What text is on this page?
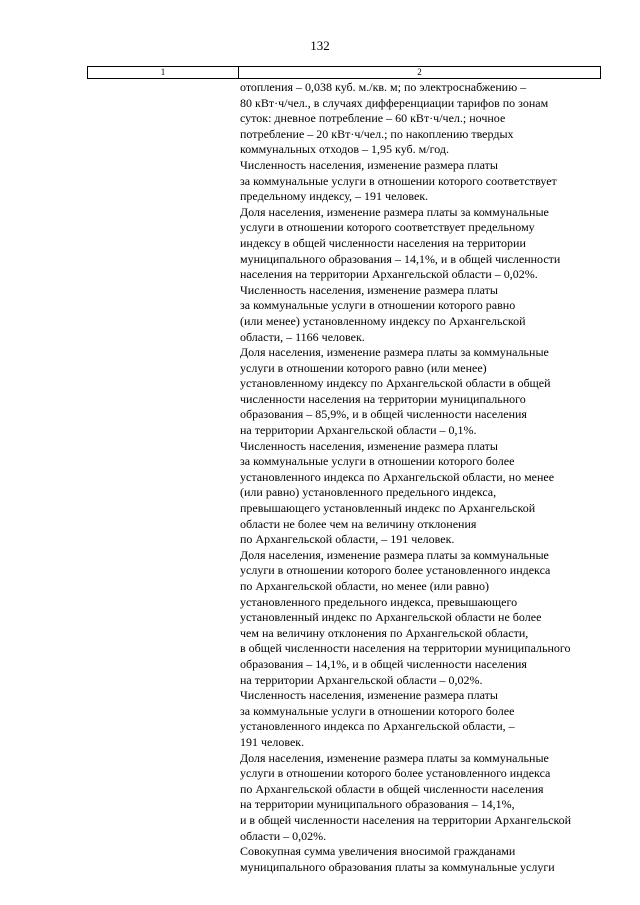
132
1	2
отопления – 0,038 куб. м./кв. м; по электроснабжению –
80 кВт·ч/чел., в случаях дифференциации тарифов по зонам
суток: дневное потребление – 60 кВт·ч/чел.; ночное
потребление – 20 кВт·ч/чел.; по накоплению твердых
коммунальных отходов – 1,95 куб. м/год.
Численность населения, изменение размера платы
за коммунальные услуги в отношении которого соответствует
предельному индексу, – 191 человек.
Доля населения, изменение размера платы за коммунальные
услуги в отношении которого соответствует предельному
индексу в общей численности населения на территории
муниципального образования – 14,1%, и в общей численности
населения на территории Архангельской области – 0,02%.
Численность населения, изменение размера платы
за коммунальные услуги в отношении которого равно
(или менее) установленному индексу по Архангельской
области, – 1166 человек.
Доля населения, изменение размера платы за коммунальные
услуги в отношении которого равно (или менее)
установленному индексу по Архангельской области в общей
численности населения на территории муниципального
образования – 85,9%, и в общей численности населения
на территории Архангельской области – 0,1%.
Численность населения, изменение размера платы
за коммунальные услуги в отношении которого более
установленного индекса по Архангельской области, но менее
(или равно) установленного предельного индекса,
превышающего установленный индекс по Архангельской
области не более чем на величину отклонения
по Архангельской области, – 191 человек.
Доля населения, изменение размера платы за коммунальные
услуги в отношении которого более установленного индекса
по Архангельской области, но менее (или равно)
установленного предельного индекса, превышающего
установленный индекс по Архангельской области не более
чем на величину отклонения по Архангельской области,
в общей численности населения на территории муниципального
образования – 14,1%, и в общей численности населения
на территории Архангельской области – 0,02%.
Численность населения, изменение размера платы
за коммунальные услуги в отношении которого более
установленного индекса по Архангельской области, –
191 человек.
Доля населения, изменение размера платы за коммунальные
услуги в отношении которого более установленного индекса
по Архангельской области в общей численности населения
на территории муниципального образования – 14,1%,
и в общей численности населения на территории Архангельской
области – 0,02%.
Совокупная сумма увеличения вносимой гражданами
муниципального образования платы за коммунальные услуги
